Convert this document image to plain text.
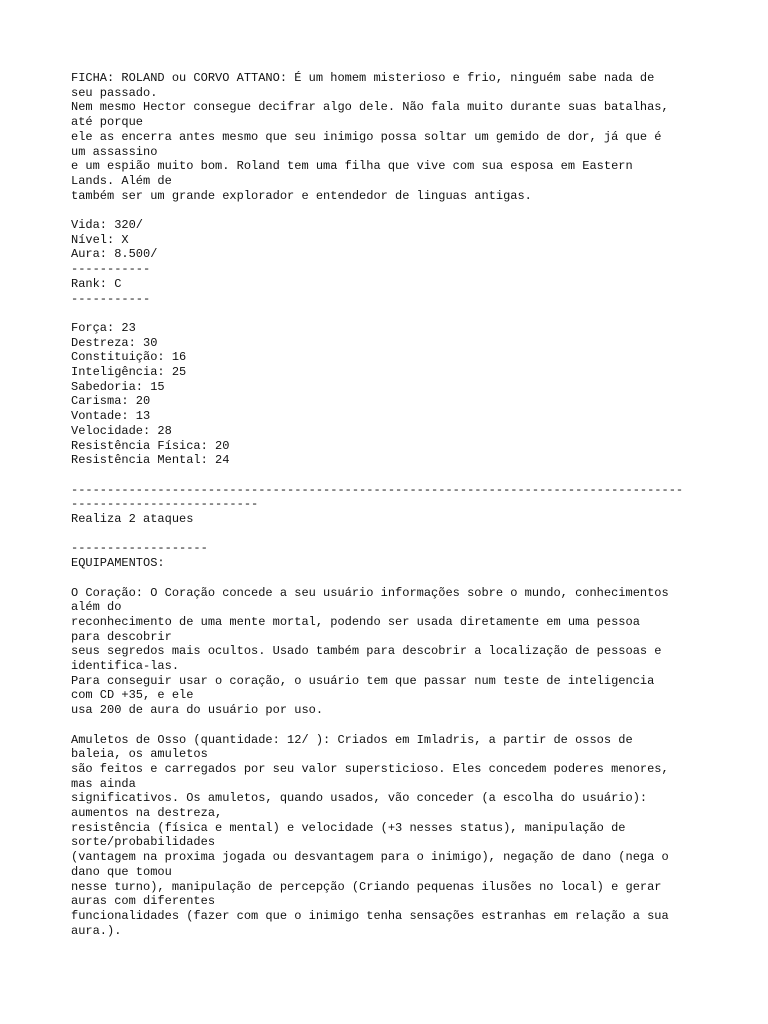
FICHA: ROLAND ou CORVO ATTANO: É um homem misterioso e frio, ninguém sabe nada de
seu passado.
Nem mesmo Hector consegue decifrar algo dele. Não fala muito durante suas batalhas,
até porque
ele as encerra antes mesmo que seu inimigo possa soltar um gemido de dor, já que é
um assassino
e um espião muito bom. Roland tem uma filha que vive com sua esposa em Eastern
Lands. Além de
também ser um grande explorador e entendedor de linguas antigas.
Vida: 320/
Nível: X
Aura: 8.500/
-----------
Rank: C
-----------
Força: 23
Destreza: 30
Constituição: 16
Inteligência: 25
Sabedoria: 15
Carisma: 20
Vontade: 13
Velocidade: 28
Resistência Física: 20
Resistência Mental: 24
-------------------------------------------------------------------------------------
--------------------------
Realiza 2 ataques
-------------------
EQUIPAMENTOS:
O Coração: O Coração concede a seu usuário informações sobre o mundo, conhecimentos
além do
reconhecimento de uma mente mortal, podendo ser usada diretamente em uma pessoa
para descobrir
seus segredos mais ocultos. Usado também para descobrir a localização de pessoas e
identifica-las.
Para conseguir usar o coração, o usuário tem que passar num teste de inteligencia
com CD +35, e ele
usa 200 de aura do usuário por uso.
Amuletos de Osso (quantidade: 12/ ): Criados em Imladris, a partir de ossos de
baleia, os amuletos
são feitos e carregados por seu valor supersticioso. Eles concedem poderes menores,
mas ainda
significativos. Os amuletos, quando usados, vão conceder (a escolha do usuário):
aumentos na destreza,
resistência (física e mental) e velocidade (+3 nesses status), manipulação de
sorte/probabilidades
(vantagem na proxima jogada ou desvantagem para o inimigo), negação de dano (nega o
dano que tomou
nesse turno), manipulação de percepção (Criando pequenas ilusões no local) e gerar
auras com diferentes
funcionalidades (fazer com que o inimigo tenha sensações estranhas em relação a sua
aura.).
